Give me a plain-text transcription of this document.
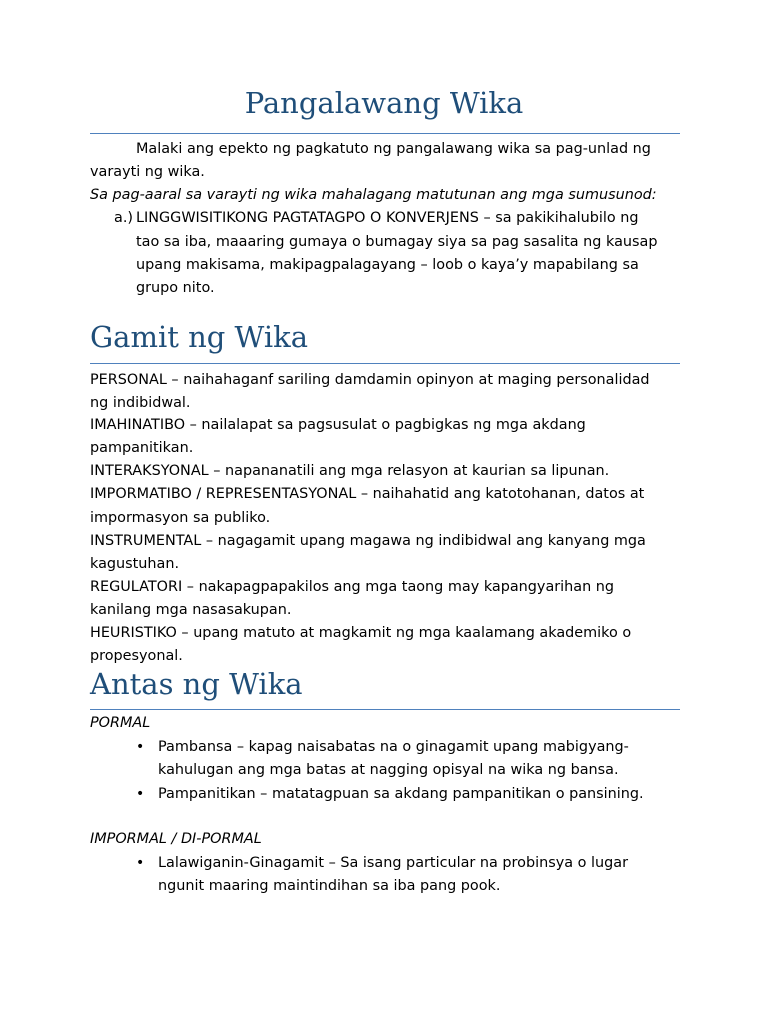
Pangalawang Wika
Malaki ang epekto ng pagkatuto ng pangalawang wika sa pag-unlad ng
varayti ng wika.
Sa pag-aaral sa varayti ng wika mahalagang matutunan ang mga sumusunod:
a.) LINGGWISITIKONG PAGTATAGPO O KONVERJENS – sa pakikihalubilo ng
tao sa iba, maaaring gumaya o bumagay siya sa pag sasalita ng kausap
upang makisama, makipagpalagayang – loob o kaya’y mapabilang sa
grupo nito.
Gamit ng Wika
PERSONAL – naihahaganf sariling damdamin opinyon at maging personalidad
ng indibidwal.
IMAHINATIBO – nailalapat sa pagsusulat o pagbigkas ng mga akdang
pampanitikan.
INTERAKSYONAL – napananatili ang mga relasyon at kaurian sa lipunan.
IMPORMATIBO / REPRESENTASYONAL – naihahatid ang katotohanan, datos at
impormasyon sa publiko.
INSTRUMENTAL – nagagamit upang magawa ng indibidwal ang kanyang mga
kagustuhan.
REGULATORI – nakapagpapakilos ang mga taong may kapangyarihan ng
kanilang mga nasasakupan.
HEURISTIKO – upang matuto at magkamit ng mga kaalamang akademiko o
propesyonal.
Antas ng Wika
PORMAL
• Pambansa – kapag naisabatas na o ginagamit upang mabigyang-
kahulugan ang mga batas at nagging opisyal na wika ng bansa.
• Pampanitikan – matatagpuan sa akdang pampanitikan o pansining.
IMPORMAL / DI-PORMAL
• Lalawiganin-Ginagamit – Sa isang particular na probinsya o lugar
ngunit maaring maintindihan sa iba pang pook.
